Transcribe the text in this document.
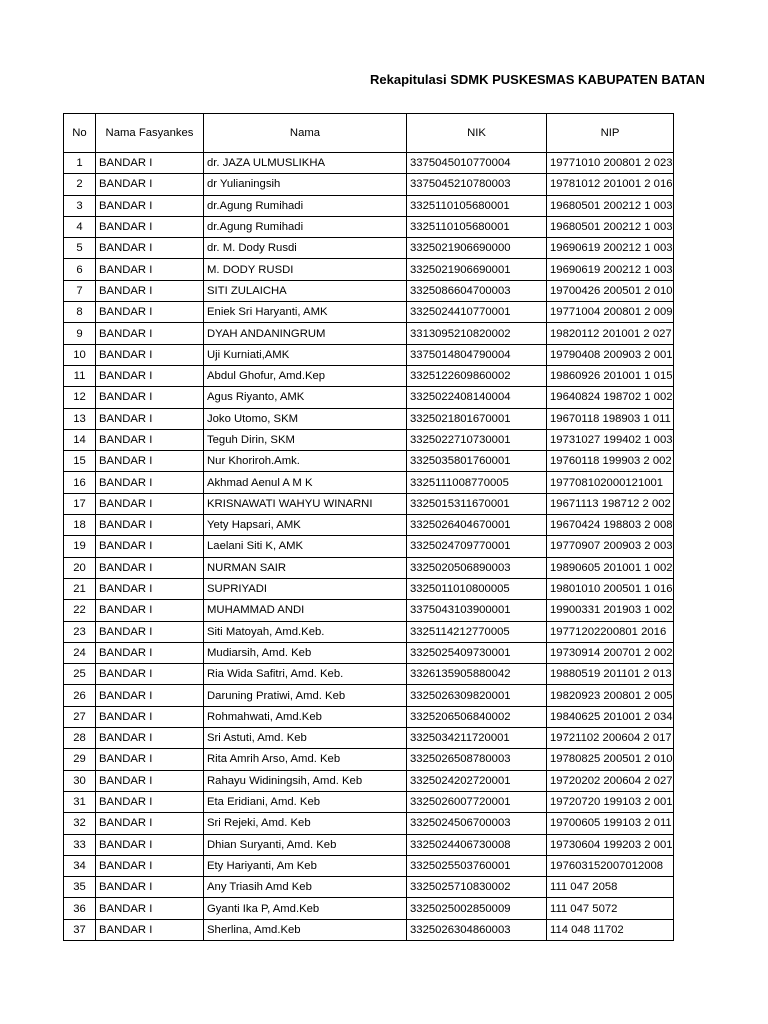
Rekapitulasi SDMK PUSKESMAS KABUPATEN BATAN
No	Nama Fasyankes	Nama	NIK	NIP
1	BANDAR I	dr. JAZA ULMUSLIKHA	3375045010770004	19771010 200801 2 023
2	BANDAR I	dr Yulianingsih	3375045210780003	19781012 201001 2 016
3	BANDAR I	dr.Agung Rumihadi	3325110105680001	19680501 200212 1 003
4	BANDAR I	dr.Agung Rumihadi	3325110105680001	19680501 200212 1 003
5	BANDAR I	dr. M. Dody Rusdi	3325021906690000	19690619 200212 1 003
6	BANDAR I	M. DODY RUSDI	3325021906690001	19690619 200212 1 003
7	BANDAR I	SITI ZULAICHA	3325086604700003	19700426 200501 2 010
8	BANDAR I	Eniek Sri Haryanti, AMK	3325024410770001	19771004 200801 2 009
9	BANDAR I	DYAH ANDANINGRUM	3313095210820002	19820112 201001 2 027
10	BANDAR I	Uji Kurniati,AMK	3375014804790004	19790408 200903 2 001
11	BANDAR I	Abdul Ghofur, Amd.Kep	3325122609860002	19860926 201001 1 015
12	BANDAR I	Agus Riyanto, AMK	3325022408140004	19640824 198702 1 002
13	BANDAR I	Joko Utomo, SKM	3325021801670001	19670118 198903 1 011
14	BANDAR I	Teguh Dirin, SKM	3325022710730001	19731027 199402 1 003
15	BANDAR I	Nur Khoriroh.Amk.	3325035801760001	19760118 199903 2 002
16	BANDAR I	Akhmad Aenul A M K	3325111008770005	197708102000121001
17	BANDAR I	KRISNAWATI WAHYU WINARNI	3325015311670001	19671113 198712 2 002
18	BANDAR I	Yety Hapsari, AMK	3325026404670001	19670424 198803 2 008
19	BANDAR I	Laelani Siti K, AMK	3325024709770001	19770907 200903 2 003
20	BANDAR I	NURMAN SAIR	3325020506890003	19890605 201001 1 002
21	BANDAR I	SUPRIYADI	3325011010800005	19801010 200501 1 016
22	BANDAR I	MUHAMMAD ANDI	3375043103900001	19900331 201903 1 002
23	BANDAR I	Siti Matoyah, Amd.Keb.	3325114212770005	19771202200801 2016
24	BANDAR I	Mudiarsih, Amd. Keb	3325025409730001	19730914 200701 2 002
25	BANDAR I	Ria Wida Safitri, Amd. Keb.	3326135905880042	19880519 201101 2 013
26	BANDAR I	Daruning Pratiwi, Amd. Keb	3325026309820001	19820923 200801 2 005
27	BANDAR I	Rohmahwati, Amd.Keb	3325206506840002	19840625 201001 2 034
28	BANDAR I	Sri Astuti, Amd. Keb	3325034211720001	19721102 200604 2 017
29	BANDAR I	Rita Amrih Arso, Amd. Keb	3325026508780003	19780825 200501 2 010
30	BANDAR I	Rahayu Widiningsih, Amd. Keb	3325024202720001	19720202 200604 2 027
31	BANDAR I	Eta Eridiani, Amd. Keb	3325026007720001	19720720 199103 2 001
32	BANDAR I	Sri Rejeki, Amd. Keb	3325024506700003	19700605 199103 2 011
33	BANDAR I	Dhian Suryanti, Amd. Keb	3325024406730008	19730604 199203 2 001
34	BANDAR I	Ety Hariyanti, Am Keb	3325025503760001	197603152007012008
35	BANDAR I	Any Triasih Amd Keb	3325025710830002	111 047 2058
36	BANDAR I	Gyanti Ika P, Amd.Keb	3325025002850009	111 047 5072
37	BANDAR I	Sherlina, Amd.Keb	3325026304860003	114 048 11702
